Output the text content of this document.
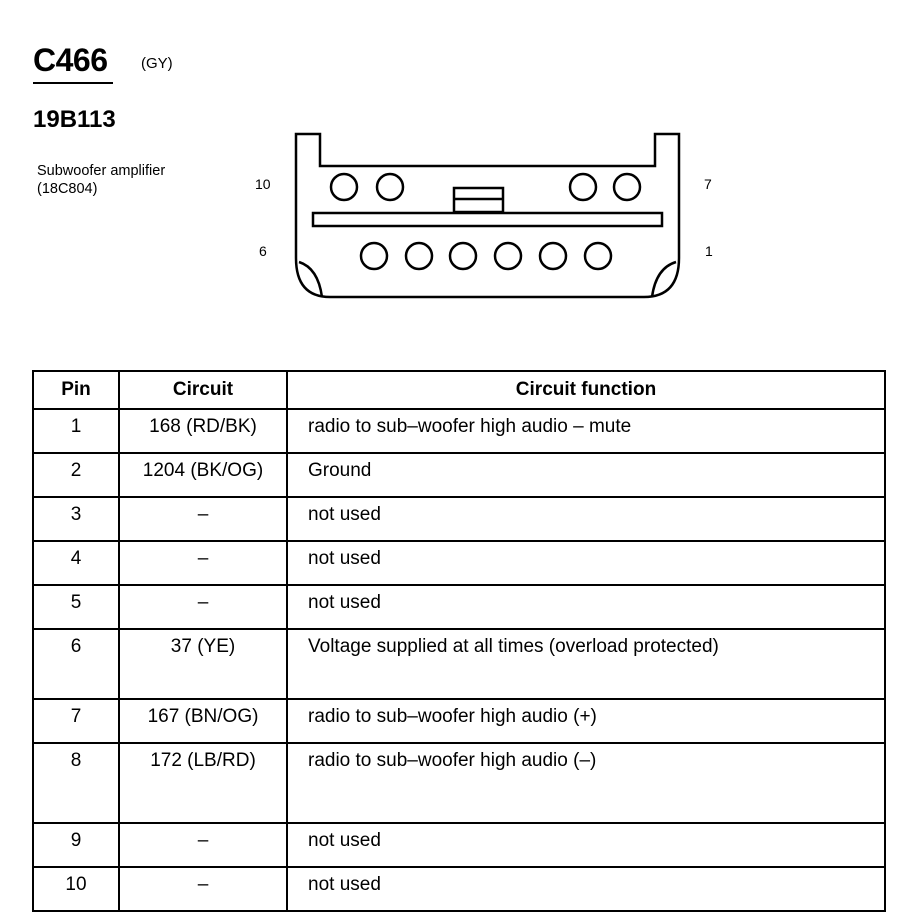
C466 (GY)
19B113
Subwoofer amplifier
(18C804)	10	7
6	1
Pin	Circuit	Circuit function
1	168 (RD/BK)	radio to sub–woofer high audio – mute
2	1204 (BK/OG)	Ground
3	–	not used
4	–	not used
5	–	not used
6	37 (YE)	Voltage supplied at all times (overload protected)
7	167 (BN/OG)	radio to sub–woofer high audio (+)
8	172 (LB/RD)	radio to sub–woofer high audio (–)
9	–	not used
10	–	not used
